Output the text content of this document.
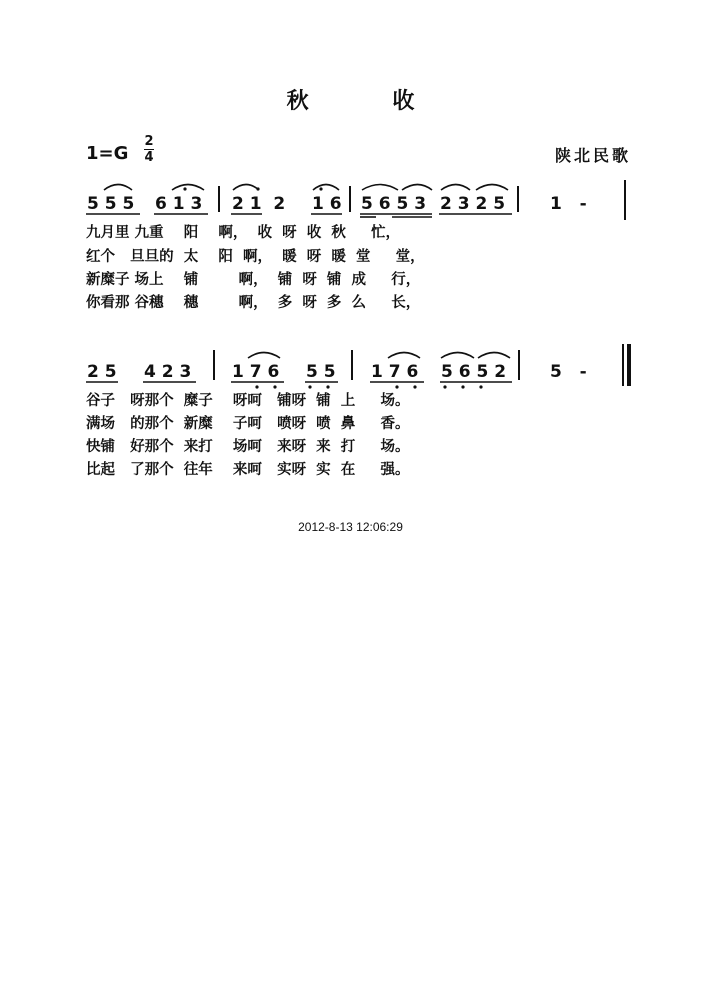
秋 收
1=G
2
4	陕北民歌
5 5 5 6 1 3 2 1  2 1 6 5 6 5 3 2 3 2 5	1   -
九月里 九重    阳    啊，  收  呀  收  秋     忙，
红个   旦旦的  太    阳  啊，  暖  呀  暖  堂     堂，
新糜子 场上    铺        啊，  铺  呀  铺  成     行，
你看那 谷穗    穗        啊，  多  呀  多  么     长，
2 5 4 2 3 1 7 6 5 5 1 7 6 5 6 5 2	5   -
谷子   呀那个  糜子    呀呵   铺呀  铺  上     场。
满场   的那个  新糜    子呵   喷呀  喷  鼻     香。
快铺   好那个  来打    场呵   来呀  来  打     场。
比起   了那个  往年    来呵   实呀  实  在     强。
2012-8-13 12:06:29
